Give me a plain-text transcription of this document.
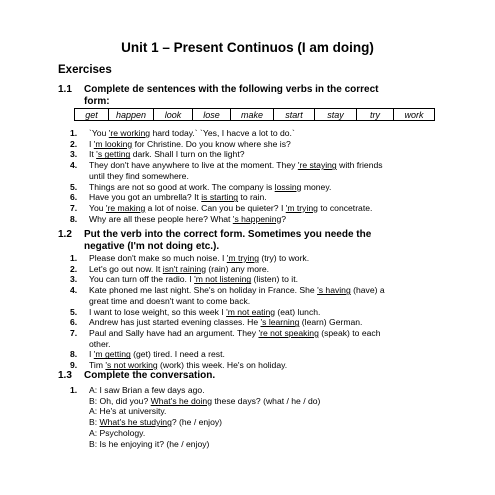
Unit 1 – Present Continuos (I am doing)
Exercises
1.1 Complete de sentences with the following verbs in the correct
form:
get	happen	look	lose	make	start	stay	try	work
1. `You 're working hard today.` `Yes, I hacve a lot to do.`
2. I 'm looking for Christine. Do you know where she is?
3. It 's getting dark. Shall I turn on the light?
4. They don't have anywhere to live at the moment. They 're staying with friends
until they find somewhere.
5. Things are not so good at work. The company is lossing money.
6. Have you got an umbrella? It is starting to rain.
7. You 're making a lot of noise. Can you be quieter? I 'm trying to concetrate.
8. Why are all these people here? What 's happening?
1.2 Put the verb into the correct form. Sometimes you neede the
negative (I'm not doing etc.).
1. Please don't make so much noise. I 'm trying (try) to work.
2. Let's go out now. It isn't raining (rain) any more.
3. You can turn off the radio. I 'm not listening (listen) to it.
4. Kate phoned me last night. She's on holiday in France. She 's having (have) a
great time and doesn't want to come back.
5. I want to lose weight, so this week I 'm not eating (eat) lunch.
6. Andrew has just started evening classes. He 's learning (learn) German.
7. Paul and Sally have had an argument. They 're not speaking (speak) to each
other.
8. I 'm getting (get) tired. I need a rest.
9. Tim 's not working (work) this week. He's on holiday.
1.3 Complete the conversation.
1. A: I saw Brian a few days ago.
B: Oh, did you? What's he doing these days? (what / he / do)
A: He's at university.
B: What's he studying? (he / enjoy)
A: Psychology.
B: Is he enjoying it? (he / enjoy)
